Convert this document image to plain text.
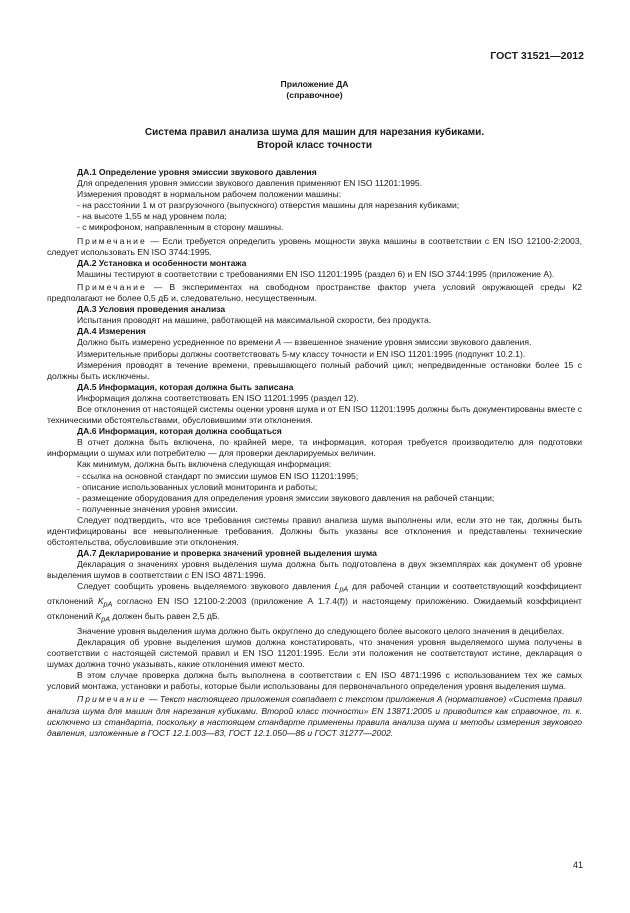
ГОСТ 31521—2012
Приложение ДА
(справочное)
Система правил анализа шума для машин для нарезания кубиками.
Второй класс точности
ДА.1 Определение уровня эмиссии звукового давления

Для определения уровня эмиссии звукового давления применяют EN ISO 11201:1995.

Измерения проводят в нормальном рабочем положении машины:

- на расстоянии 1 м от разгрузочного (выпускного) отверстия машины для нарезания кубиками;

- на высоте 1,55 м над уровнем пола;

- с микрофоном, направленным в сторону машины.

Примечание — Если требуется определить уровень мощности звука машины в соответствии с EN ISO 12100-2:2003, следует использовать EN ISO 3744:1995.

ДА.2 Установка и особенности монтажа

Машины тестируют в соответствии с требованиями EN ISO 11201:1995 (раздел 6) и EN ISO 3744:1995 (приложение А).

Примечание — В экспериментах на свободном пространстве фактор учета условий окружающей среды К2 предполагают не более 0,5 дБ и, следовательно, несущественным.

ДА.3 Условия проведения анализа

Испытания проводят на машине, работающей на максимальной скорости, без продукта.

ДА.4 Измерения

Должно быть измерено усредненное по времени A — взвешенное значение уровня эмиссии звукового давления.

Измерительные приборы должны соответствовать 5-му классу точности и EN ISO 11201:1995 (подпункт 10.2.1).

Измерения проводят в течение времени, превышающего полный рабочий цикл; непредвиденные остановки более 15 с должны быть исключены.

ДА.5 Информация, которая должна быть записана

Информация должна соответствовать EN ISO 11201:1995 (раздел 12).

Все отклонения от настоящей системы оценки уровня шума и от EN ISO 11201:1995 должны быть документированы вместе с техническими обстоятельствами, обусловившими эти отклонения.

ДА.6 Информация, которая должна сообщаться

В отчет должна быть включена, по крайней мере, та информация, которая требуется производителю для подготовки информации о шумах или потребителю — для проверки декларируемых величин.

Как минимум, должна быть включена следующая информация:

- ссылка на основной стандарт по эмиссии шумов EN ISO 11201:1995;

- описание использованных условий мониторинга и работы;

- размещение оборудования для определения уровня эмиссии звукового давления на рабочей станции;

- полученные значения уровня эмиссии.

Следует подтвердить, что все требования системы правил анализа шума выполнены или, если это не так, должны быть идентифицированы все невыполненные требования. Должны быть указаны все отклонения и представлены технические обстоятельства, обусловившие эти отклонения.

ДА.7 Декларирование и проверка значений уровней выделения шума

Декларация о значениях уровня выделения шума должна быть подготовлена в двух экземплярах как документ об уровне выделения шумов в соответствии с EN ISO 4871:1996.

Следует сообщить уровень выделяемого звукового давления $L_{pA}$ для рабочей станции и соответствующий коэффициент отклонений $K_{pA}$ согласно EN ISO 12100-2:2003 (приложение А 1.7.4(f)) и настоящему приложению. Ожидаемый коэффициент отклонений $K_{pA}$ должен быть равен 2,5 дБ.

Значение уровня выделения шума должно быть округлено до следующего более высокого целого значения в децибелах.

Декларация об уровне выделения шумов должна констатировать, что значения уровня выделяемого шума получены в соответствии с настоящей системой правил и EN ISO 11201:1995. Если эти положения не соответствуют истине, декларация о шумах должна точно указывать, какие отклонения имеют место.

В этом случае проверка должна быть выполнена в соответствии с EN ISO 4871:1996 с использованием тех же самых условий монтажа, установки и работы, которые были использованы для первоначального определения уровня выделения шума.

Примечание — Текст настоящего приложения совпадает с текстом приложения А (нормативное) «Система правил анализа шума для машин для нарезания кубиками. Второй класс точности» EN 13871:2005 и приводится как справочное, т. к. исключено из стандарта, поскольку в настоящем стандарте применены правила анализа шума и методы измерения звукового давления, изложенные в ГОСТ 12.1.003—83, ГОСТ 12.1.050—86 и ГОСТ 31277—2002.

41
